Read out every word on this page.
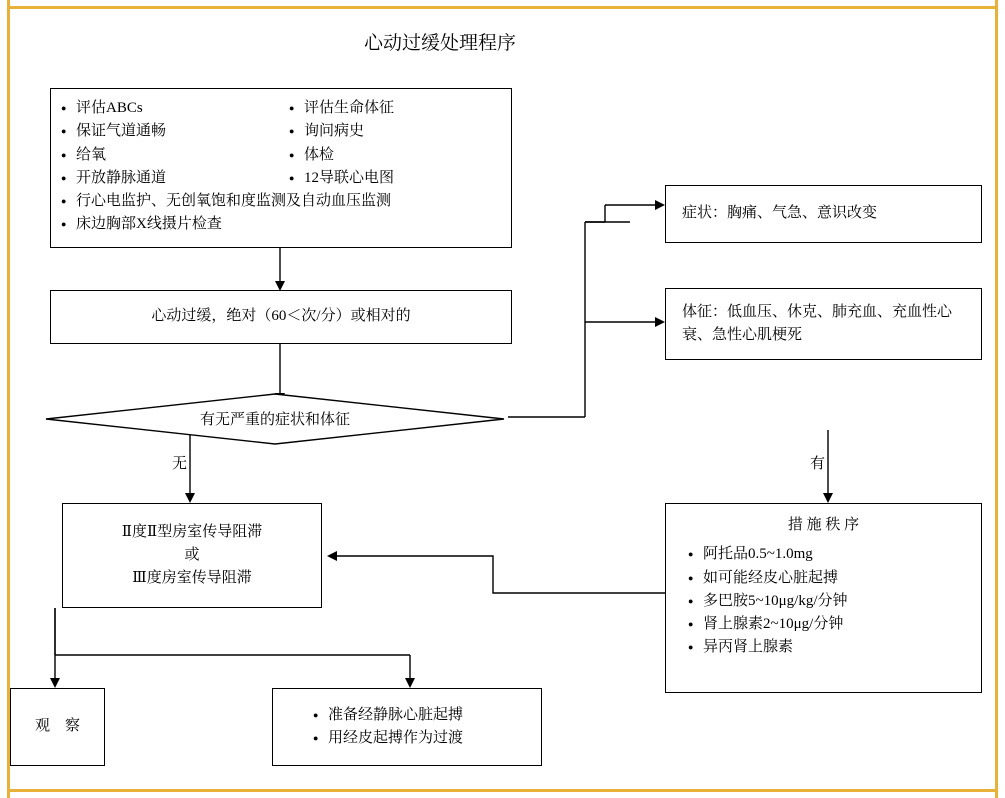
心动过缓处理程序
● 评估ABCs
● 保证气道通畅
● 给氧
● 开放静脉通道
● 评估生命体征
● 询问病史
● 体检
● 12导联心电图
● 行心电监护、无创氧饱和度监测及自动血压监测
● 床边胸部X线摄片检查
心动过缓，绝对（60＜次/分）或相对的
症状：胸痛、气急、意识改变
体征：低血压、休克、肺充血、充血性心衰、急性心肌梗死
有无严重的症状和体征
无	有
Ⅱ度Ⅱ型房室传导阻滞
或
Ⅲ度房室传导阻滞
措 施 秩 序
● 阿托品0.5~1.0mg
● 如可能经皮心脏起搏
● 多巴胺5~10μg/kg/分钟
● 肾上腺素2~10μg/分钟
● 异丙肾上腺素
观　察
● 准备经静脉心脏起搏
● 用经皮起搏作为过渡
